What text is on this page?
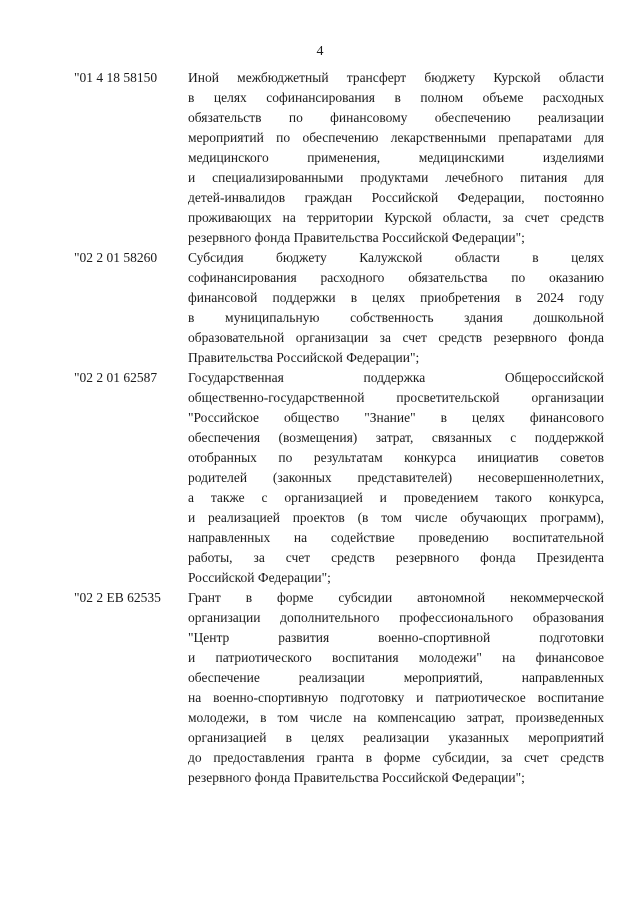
4
"01 4 18 58150	Иной межбюджетный трансферт бюджету Курской области
в целях софинансирования в полном объеме расходных
обязательств по финансовому обеспечению реализации
мероприятий по обеспечению лекарственными препаратами для
медицинского применения, медицинскими изделиями
и специализированными продуктами лечебного питания для
детей-инвалидов граждан Российской Федерации, постоянно
проживающих на территории Курской области, за счет средств
резервного фонда Правительства Российской Федерации";
"02 2 01 58260	Субсидия бюджету Калужской области в целях
софинансирования расходного обязательства по оказанию
финансовой поддержки в целях приобретения в 2024 году
в муниципальную собственность здания дошкольной
образовательной организации за счет средств резервного фонда
Правительства Российской Федерации";
"02 2 01 62587	Государственная поддержка Общероссийской
общественно-государственной просветительской организации
"Российское общество "Знание" в целях финансового
обеспечения (возмещения) затрат, связанных с поддержкой
отобранных по результатам конкурса инициатив советов
родителей (законных представителей) несовершеннолетних,
а также с организацией и проведением такого конкурса,
и реализацией проектов (в том числе обучающих программ),
направленных на содействие проведению воспитательной
работы, за счет средств резервного фонда Президента
Российской Федерации";
"02 2 ЕВ 62535	Грант в форме субсидии автономной некоммерческой
организации дополнительного профессионального образования
"Центр развития военно-спортивной подготовки
и патриотического воспитания молодежи" на финансовое
обеспечение реализации мероприятий, направленных
на военно-спортивную подготовку и патриотическое воспитание
молодежи, в том числе на компенсацию затрат, произведенных
организацией в целях реализации указанных мероприятий
до предоставления гранта в форме субсидии, за счет средств
резервного фонда Правительства Российской Федерации";
